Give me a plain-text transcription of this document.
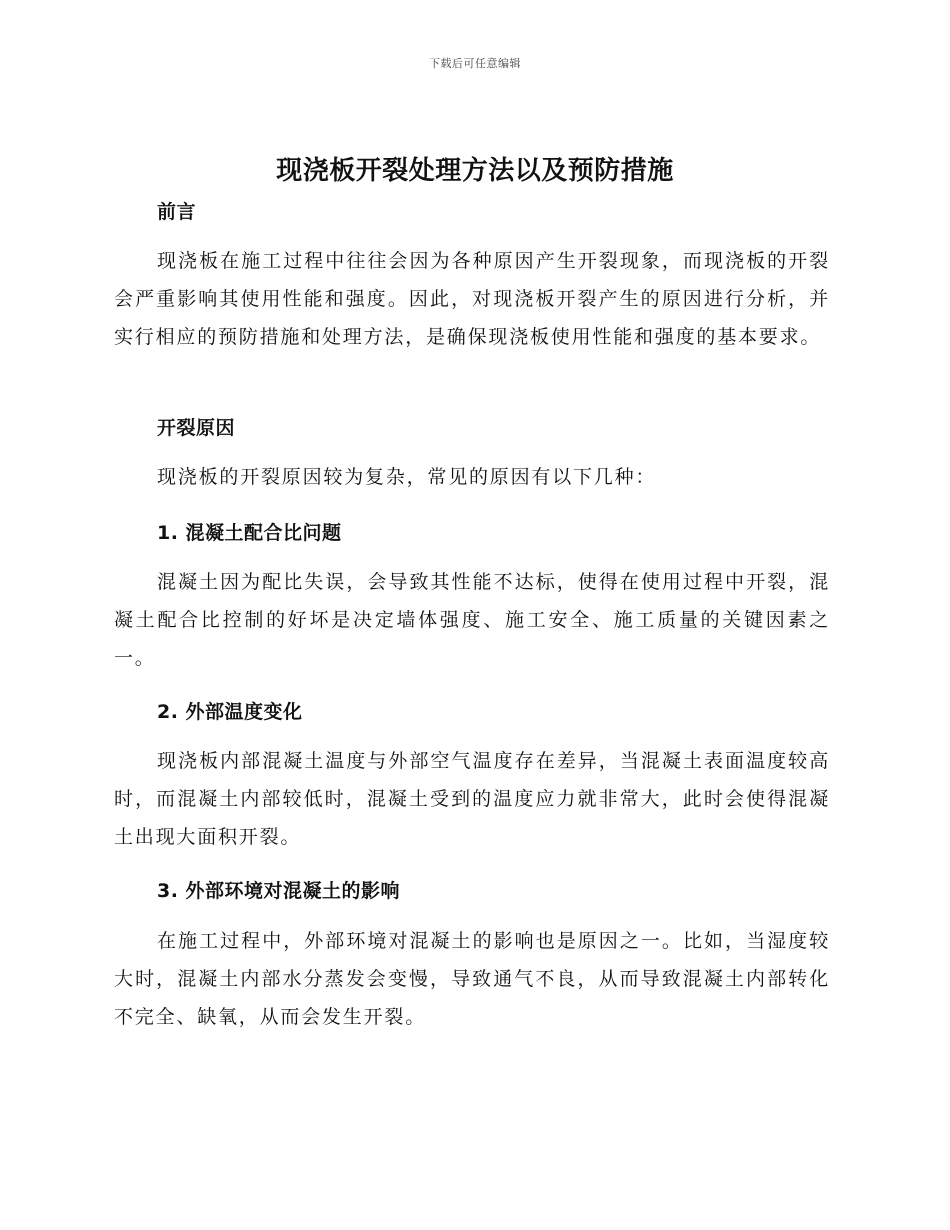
下载后可任意编辑
现浇板开裂处理方法以及预防措施
前言

现浇板在施工过程中往往会因为各种原因产生开裂现象，而现浇板的开裂会严重影响其使用性能和强度。因此，对现浇板开裂产生的原因进行分析，并实行相应的预防措施和处理方法，是确保现浇板使用性能和强度的基本要求。

开裂原因

现浇板的开裂原因较为复杂，常见的原因有以下几种：

1. 混凝土配合比问题

混凝土因为配比失误，会导致其性能不达标，使得在使用过程中开裂，混凝土配合比控制的好坏是决定墙体强度、施工安全、施工质量的关键因素之一。

2. 外部温度变化

现浇板内部混凝土温度与外部空气温度存在差异，当混凝土表面温度较高时，而混凝土内部较低时，混凝土受到的温度应力就非常大，此时会使得混凝土出现大面积开裂。

3. 外部环境对混凝土的影响

在施工过程中，外部环境对混凝土的影响也是原因之一。比如，当湿度较大时，混凝土内部水分蒸发会变慢，导致通气不良，从而导致混凝土内部转化不完全、缺氧，从而会发生开裂。
